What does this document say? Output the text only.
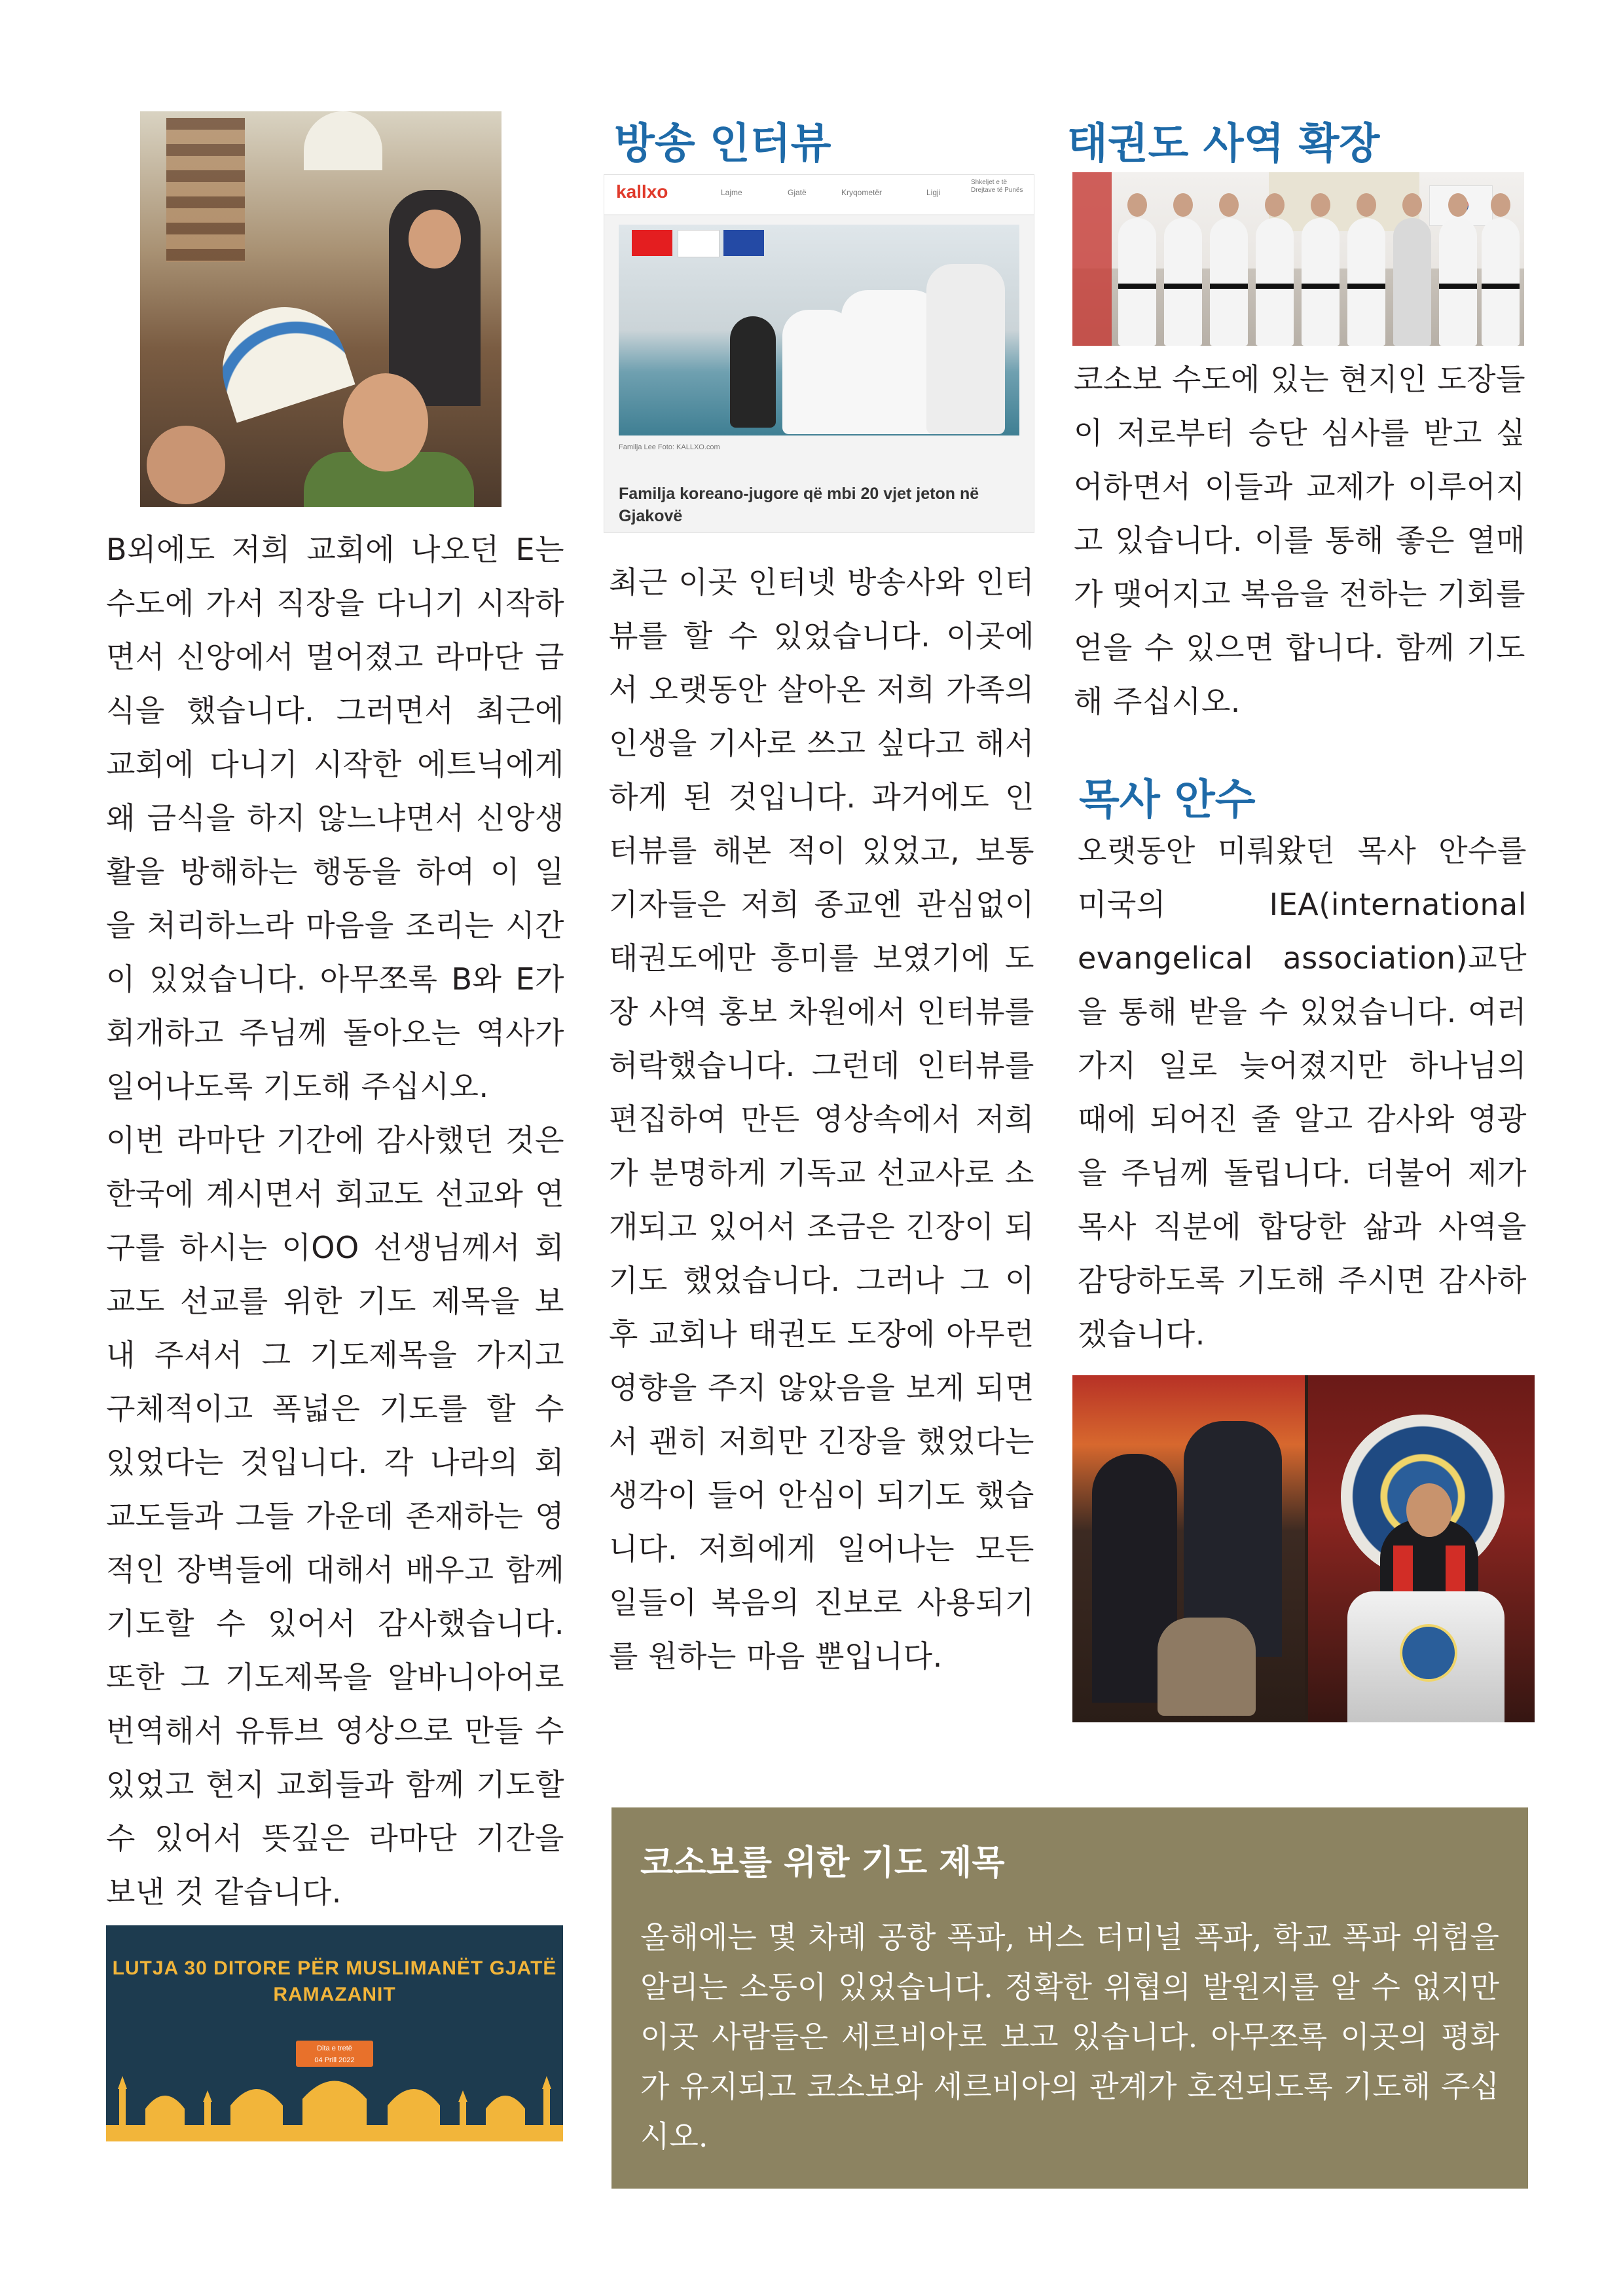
B외에도 저희 교회에 나오던 E는 수도에 가서 직장을 다니기 시작하면서 신앙에서 멀어졌고 라마단 금식을 했습니다. 그러면서 최근에 교회에 다니기 시작한 에트닉에게 왜 금식을 하지 않느냐면서 신앙생활을 방해하는 행동을 하여 이 일을 처리하느라 마음을 조리는 시간이 있었습니다. 아무쪼록 B와 E가 회개하고 주님께 돌아오는 역사가 일어나도록 기도해 주십시오.

이번 라마단 기간에 감사했던 것은 한국에 계시면서 회교도 선교와 연구를 하시는 이OO 선생님께서 회교도 선교를 위한 기도 제목을 보내 주셔서 그 기도제목을 가지고 구체적이고 폭넓은 기도를 할 수 있었다는 것입니다. 각 나라의 회교도들과 그들 가운데 존재하는 영적인 장벽들에 대해서 배우고 함께 기도할 수 있어서 감사했습니다. 또한 그 기도제목을 알바니아어로 번역해서 유튜브 영상으로 만들 수 있었고 현지 교회들과 함께 기도할 수 있어서 뜻깊은 라마단 기간을 보낸 것 같습니다.

LUTJA 30 DITORE PËR MUSLIMANËT GJATË RAMAZANIT
Dita e tretë
04 Prill 2022
방송 인터뷰
kallxo	Lajme	Gjatë	Kryqometër	Ligji
Shkeljet e të Drejtave të Punës
Familja Lee Foto: KALLXO.com
Familja koreano-jugore që mbi 20 vjet jeton në Gjakovë

최근 이곳 인터넷 방송사와 인터뷰를 할 수 있었습니다. 이곳에서 오랫동안 살아온 저희 가족의 인생을 기사로 쓰고 싶다고 해서 하게 된 것입니다. 과거에도 인터뷰를 해본 적이 있었고, 보통 기자들은 저희 종교엔 관심없이 태권도에만 흥미를 보였기에 도장 사역 홍보 차원에서 인터뷰를 허락했습니다. 그런데 인터뷰를 편집하여 만든 영상속에서 저희가 분명하게 기독교 선교사로 소개되고 있어서 조금은 긴장이 되기도 했었습니다. 그러나 그 이후 교회나 태권도 도장에 아무런 영향을 주지 않았음을 보게 되면서 괜히 저희만 긴장을 했었다는 생각이 들어 안심이 되기도 했습니다. 저희에게 일어나는 모든 일들이 복음의 진보로 사용되기를 원하는 마음 뿐입니다.

태권도 사역 확장

코소보 수도에 있는 현지인 도장들이 저로부터 승단 심사를 받고 싶어하면서 이들과 교제가 이루어지고 있습니다. 이를 통해 좋은 열매가 맺어지고 복음을 전하는 기회를 얻을 수 있으면 합니다. 함께 기도해 주십시오.

목사 안수

오랫동안 미뤄왔던 목사 안수를 미국의 IEA(international evangelical association)교단을 통해 받을 수 있었습니다. 여러가지 일로 늦어졌지만 하나님의 때에 되어진 줄 알고 감사와 영광을 주님께 돌립니다. 더불어 제가 목사 직분에 합당한 삶과 사역을 감당하도록 기도해 주시면 감사하겠습니다.

코소보를 위한 기도 제목

올해에는 몇 차례 공항 폭파, 버스 터미널 폭파, 학교 폭파 위험을 알리는 소동이 있었습니다. 정확한 위협의 발원지를 알 수 없지만 이곳 사람들은 세르비아로 보고 있습니다. 아무쪼록 이곳의 평화가 유지되고 코소보와 세르비아의 관계가 호전되도록 기도해 주십시오.
